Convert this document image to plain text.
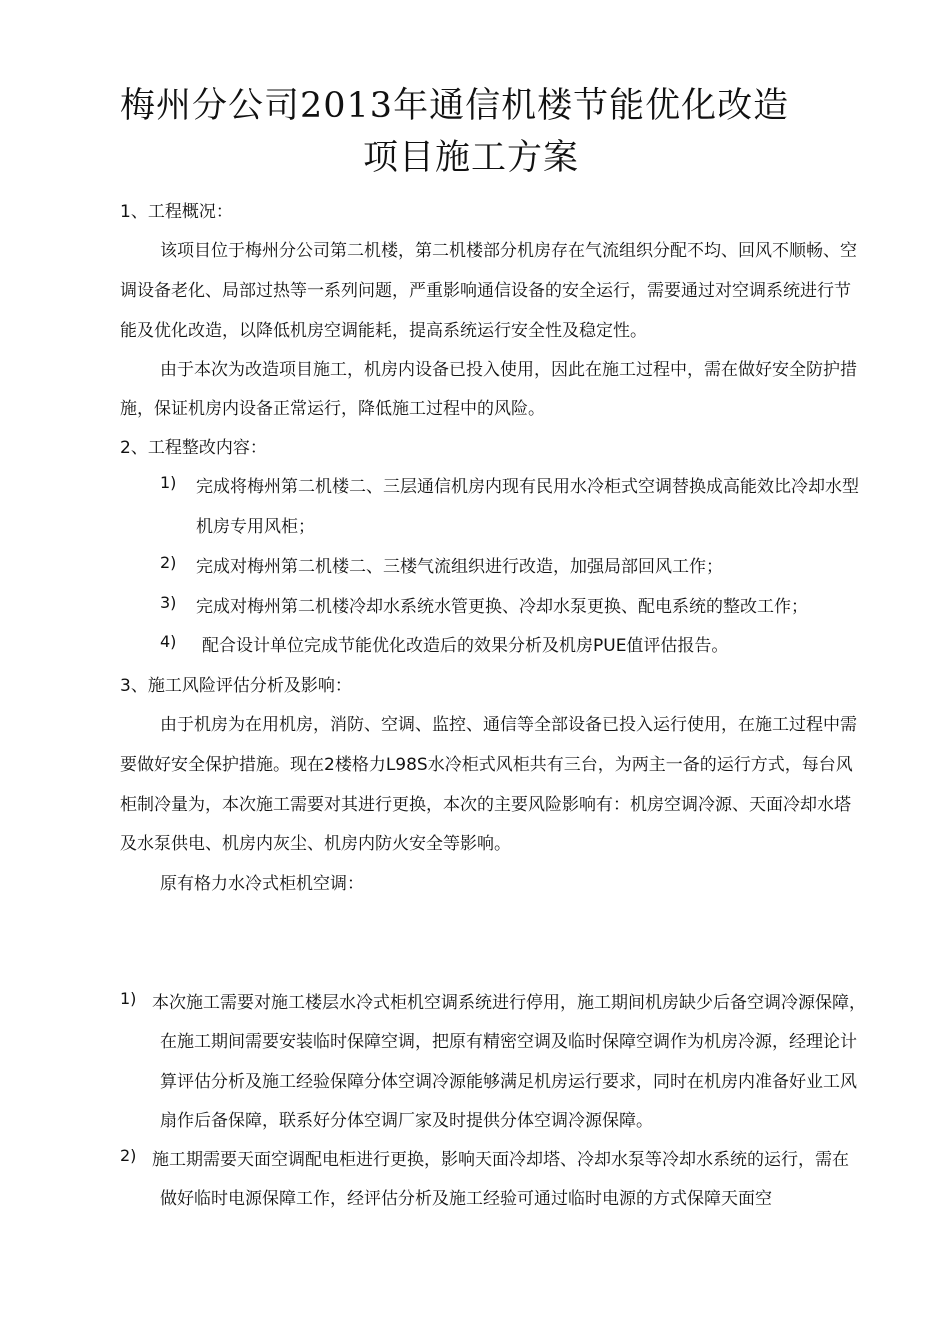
梅州分公司2013年通信机楼节能优化改造
项目施工方案
1、工程概况：
该项目位于梅州分公司第二机楼，第二机楼部分机房存在气流组织分配不均、回风不顺畅、空
调设备老化、局部过热等一系列问题，严重影响通信设备的安全运行，需要通过对空调系统进行节
能及优化改造，以降低机房空调能耗，提高系统运行安全性及稳定性。
由于本次为改造项目施工，机房内设备已投入使用，因此在施工过程中，需在做好安全防护措
施，保证机房内设备正常运行，降低施工过程中的风险。
2、工程整改内容：
1) 完成将梅州第二机楼二、三层通信机房内现有民用水冷柜式空调替换成高能效比冷却水型
机房专用风柜；
2) 完成对梅州第二机楼二、三楼气流组织进行改造，加强局部回风工作；
3) 完成对梅州第二机楼冷却水系统水管更换、冷却水泵更换、配电系统的整改工作；
4) 配合设计单位完成节能优化改造后的效果分析及机房PUE值评估报告。
3、施工风险评估分析及影响：
由于机房为在用机房，消防、空调、监控、通信等全部设备已投入运行使用，在施工过程中需
要做好安全保护措施。现在2楼格力L98S水冷柜式风柜共有三台，为两主一备的运行方式，每台风
柜制冷量为，本次施工需要对其进行更换，本次的主要风险影响有：机房空调冷源、天面冷却水塔
及水泵供电、机房内灰尘、机房内防火安全等影响。
原有格力水冷式柜机空调：
1) 本次施工需要对施工楼层水冷式柜机空调系统进行停用，施工期间机房缺少后备空调冷源保障，
在施工期间需要安装临时保障空调，把原有精密空调及临时保障空调作为机房冷源，经理论计
算评估分析及施工经验保障分体空调冷源能够满足机房运行要求，同时在机房内准备好业工风
扇作后备保障，联系好分体空调厂家及时提供分体空调冷源保障。
2) 施工期需要天面空调配电柜进行更换，影响天面冷却塔、冷却水泵等冷却水系统的运行，需在
做好临时电源保障工作，经评估分析及施工经验可通过临时电源的方式保障天面空
